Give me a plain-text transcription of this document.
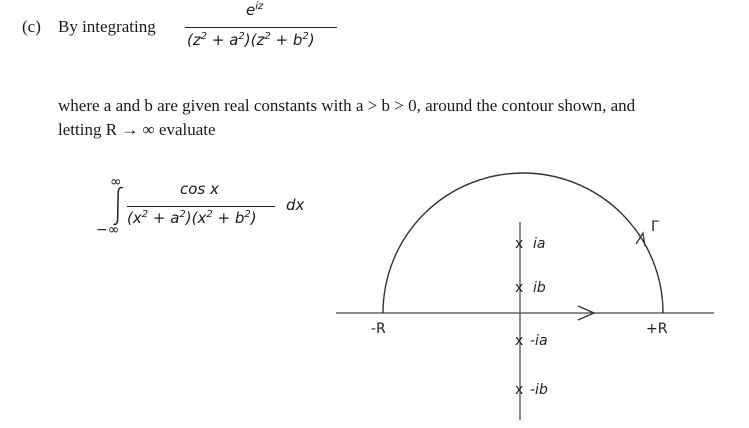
(c) By integrating
$e^{iz}$
$(z^2 + a^2)(z^2 + b^2)$
where a and b are given real constants with a > b > 0, around the contour shown, and
letting R → ∞ evaluate
∞
−∞
cos x
$(x^2 + a^2)(x^2 + b^2)$
dx
Γ
-R	+R
x ia
x ib
x -ia
x -ib
